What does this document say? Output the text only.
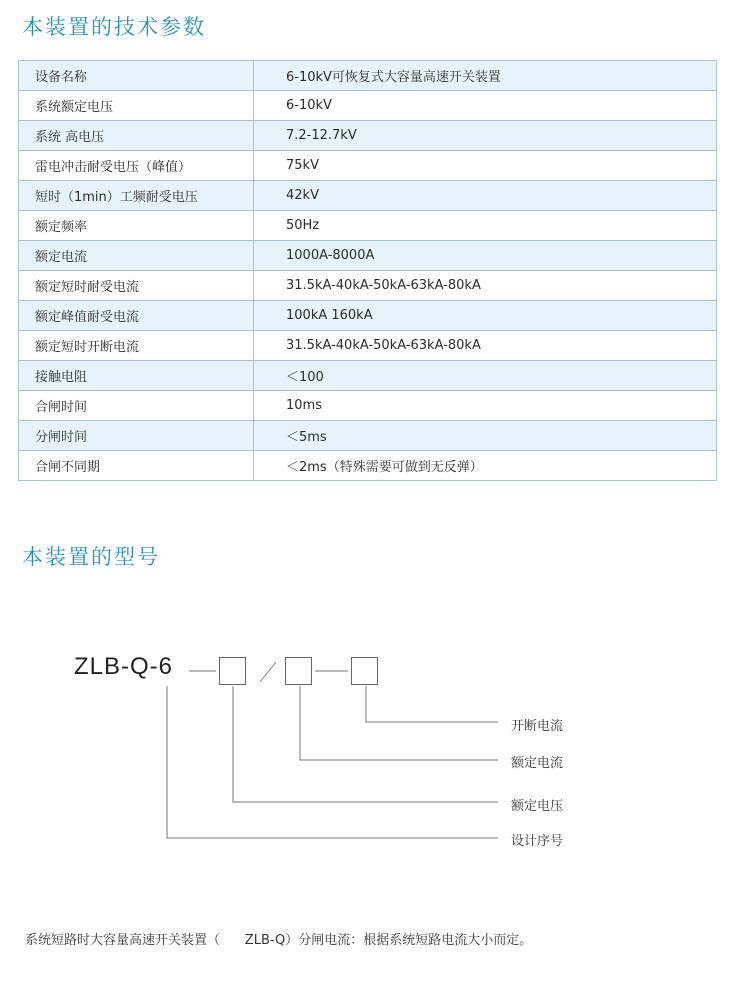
本装置的技术参数
设备名称	6-10kV可恢复式大容量高速开关装置
系统额定电压	6-10kV
系统 高电压	7.2-12.7kV
雷电冲击耐受电压（峰值）	75kV
短时（1min）工频耐受电压	42kV
额定频率	50Hz
额定电流	1000A-8000A
额定短时耐受电流	31.5kA-40kA-50kA-63kA-80kA
额定峰值耐受电流	100kA 160kA
额定短时开断电流	31.5kA-40kA-50kA-63kA-80kA
接触电阻	＜100
合闸时间	10ms
分闸时间	＜5ms
合闸不同期	＜2ms（特殊需要可做到无反弹）
本装置的型号
ZLB-Q-6
开断电流
额定电流
额定电压
设计序号
系统短路时大容量高速开关装置（      ZLB-Q）分闸电流：根据系统短路电流大小而定。
